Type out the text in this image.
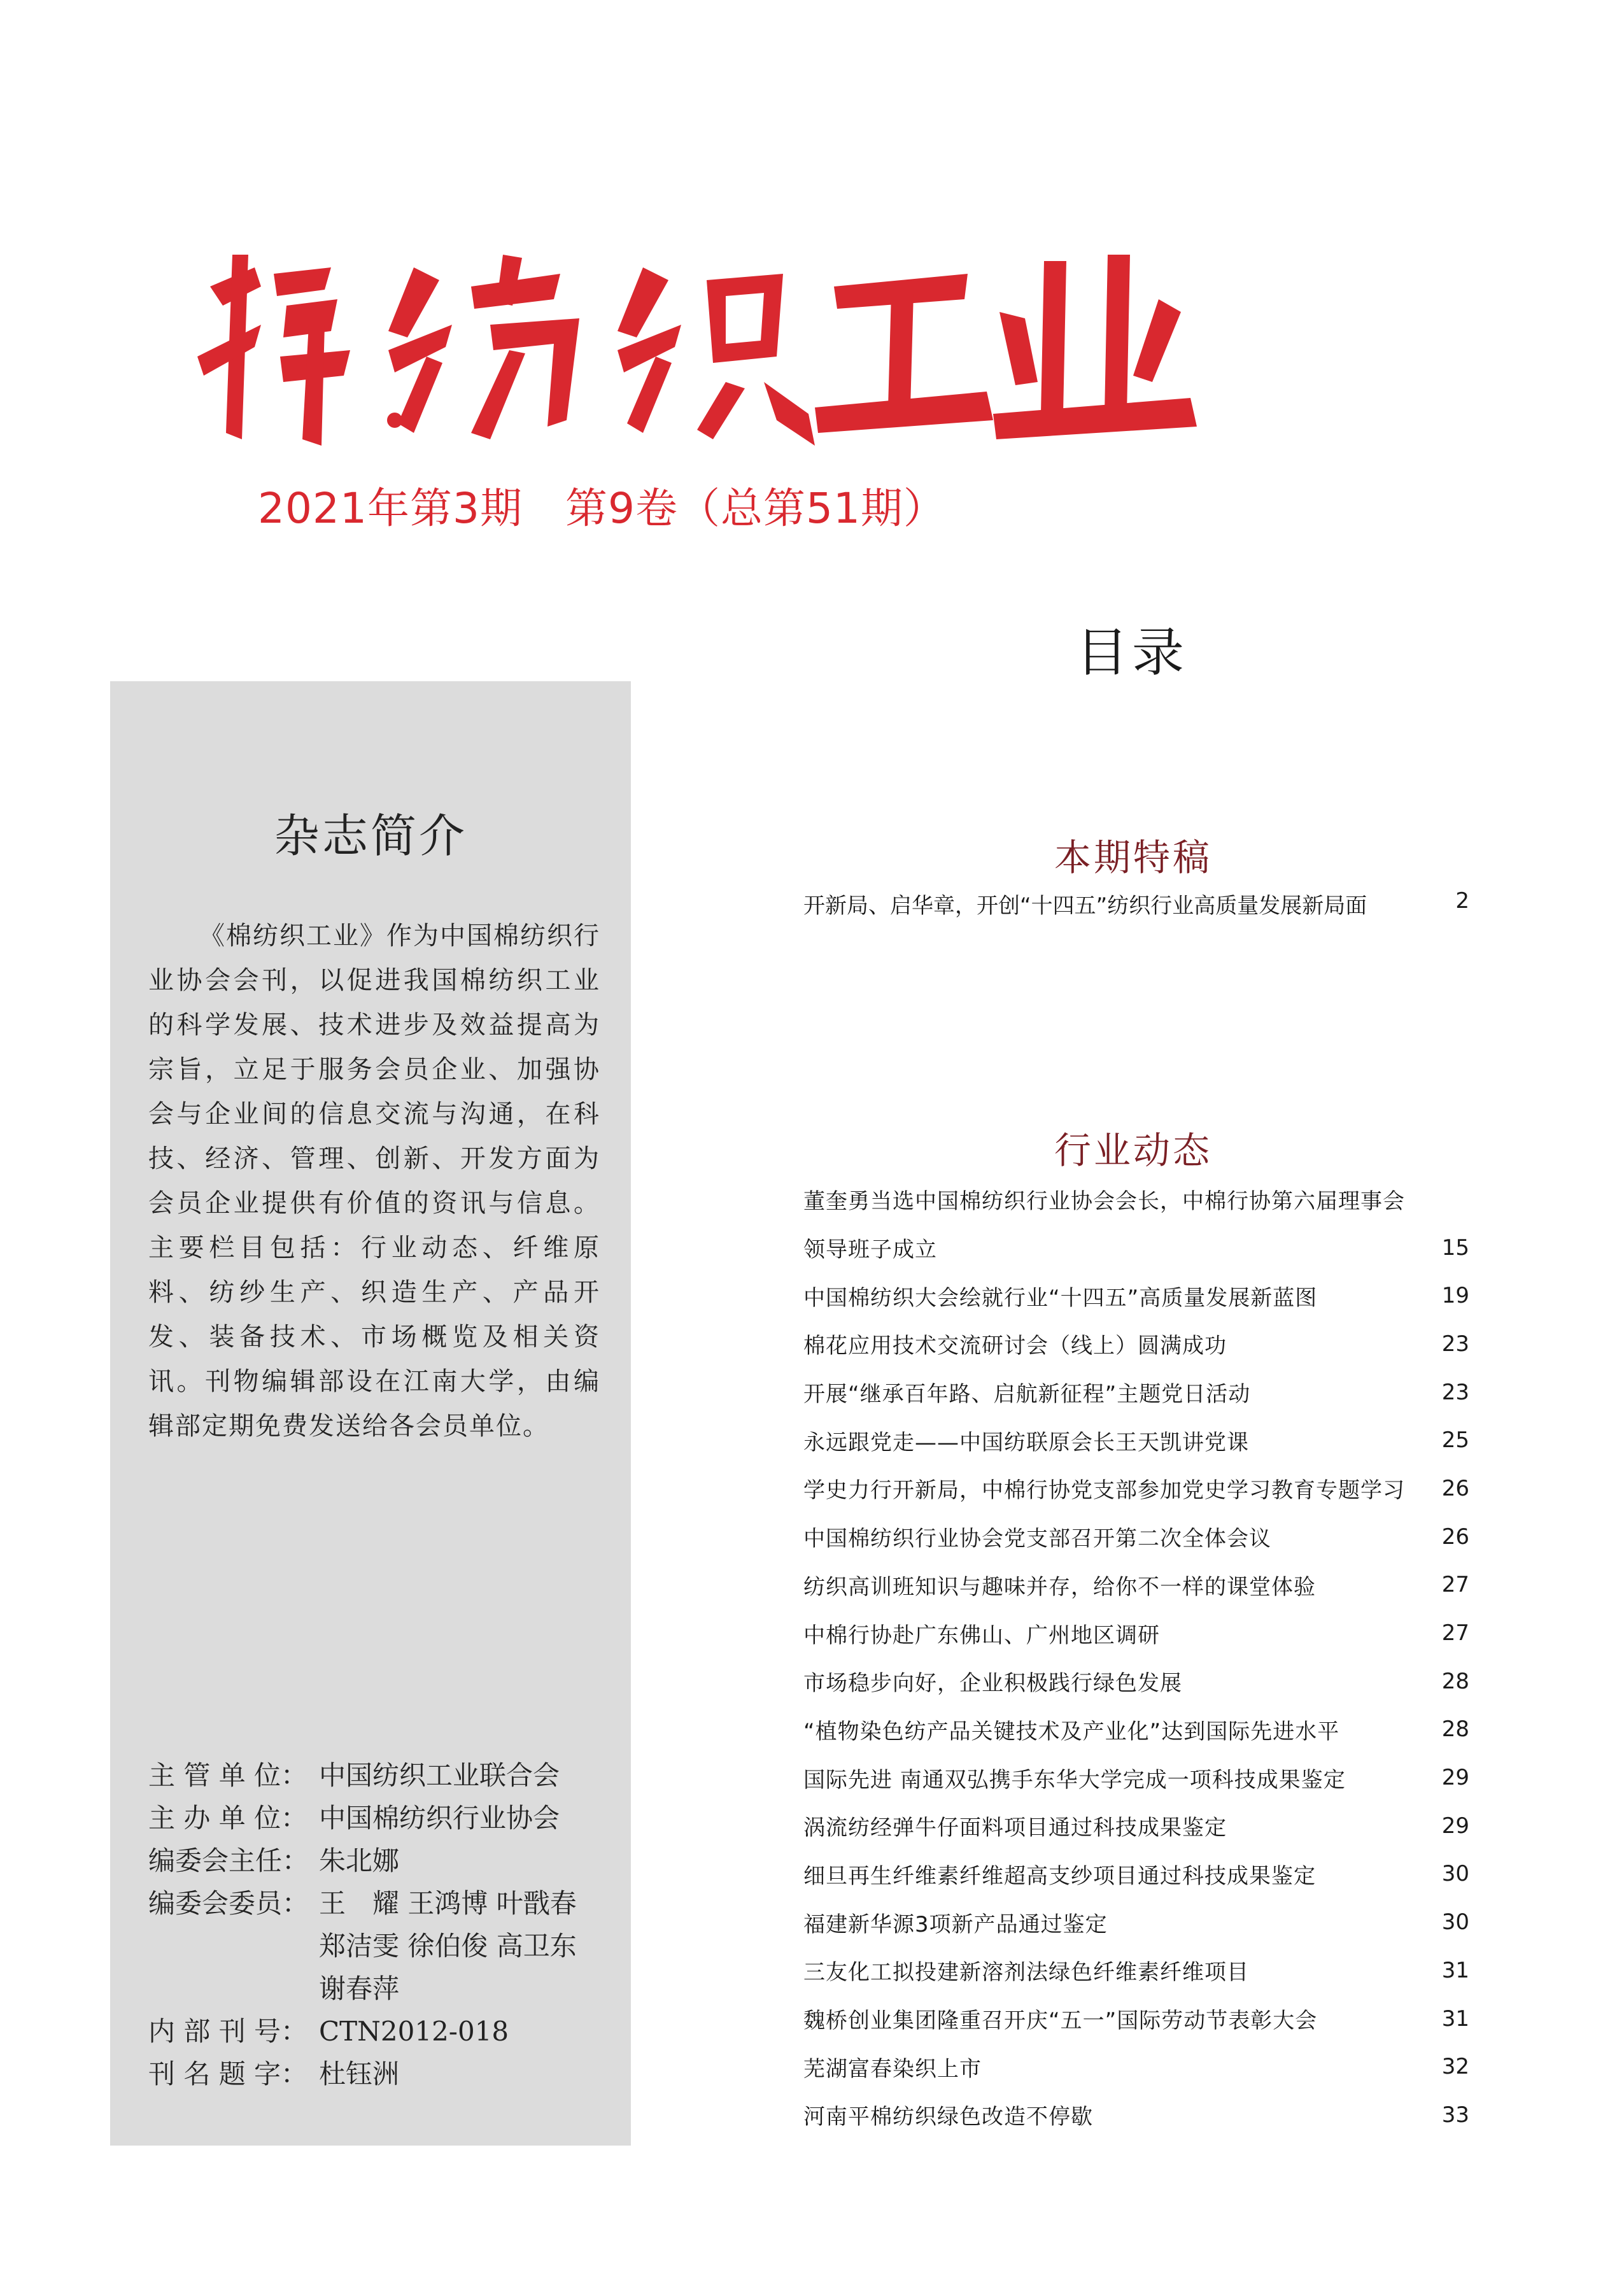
2021年第3期　第9卷（总第51期）
目录
杂志简介
《棉纺织工业》作为中国棉纺织行业协会会刊，以促进我国棉纺织工业的科学发展、技术进步及效益提高为宗旨，立足于服务会员企业、加强协会与企业间的信息交流与沟通，在科技、经济、管理、创新、开发方面为会员企业提供有价值的资讯与信息。主要栏目包括：行业动态、纤维原料、纺纱生产、织造生产、产品开发、装备技术、市场概览及相关资讯。刊物编辑部设在江南大学，由编辑部定期免费发送给各会员单位。
主 管 单 位： 中国纺织工业联合会
主 办 单 位： 中国棉纺织行业协会
编委会主任： 朱北娜
编委会委员： 王　耀 王鸿博 叶戬春
郑洁雯 徐伯俊 高卫东
谢春萍
内 部 刊 号： CTN2012-018
刊 名 题 字： 杜钰洲
本期特稿
开新局、启华章，开创“十四五”纺织行业高质量发展新局面	2
行业动态
董奎勇当选中国棉纺织行业协会会长，中棉行协第六届理事会
领导班子成立	15
中国棉纺织大会绘就行业“十四五”高质量发展新蓝图	19
棉花应用技术交流研讨会（线上）圆满成功	23
开展“继承百年路、启航新征程”主题党日活动	23
永远跟党走——中国纺联原会长王天凯讲党课	25
学史力行开新局，中棉行协党支部参加党史学习教育专题学习 26
中国棉纺织行业协会党支部召开第二次全体会议	26
纺织高训班知识与趣味并存，给你不一样的课堂体验	27
中棉行协赴广东佛山、广州地区调研	27
市场稳步向好，企业积极践行绿色发展	28
“植物染色纺产品关键技术及产业化”达到国际先进水平	28
国际先进 南通双弘携手东华大学完成一项科技成果鉴定	29
涡流纺经弹牛仔面料项目通过科技成果鉴定	29
细旦再生纤维素纤维超高支纱项目通过科技成果鉴定	30
福建新华源3项新产品通过鉴定	30
三友化工拟投建新溶剂法绿色纤维素纤维项目	31
魏桥创业集团隆重召开庆“五一”国际劳动节表彰大会	31
芜湖富春染织上市	32
河南平棉纺织绿色改造不停歇	33
